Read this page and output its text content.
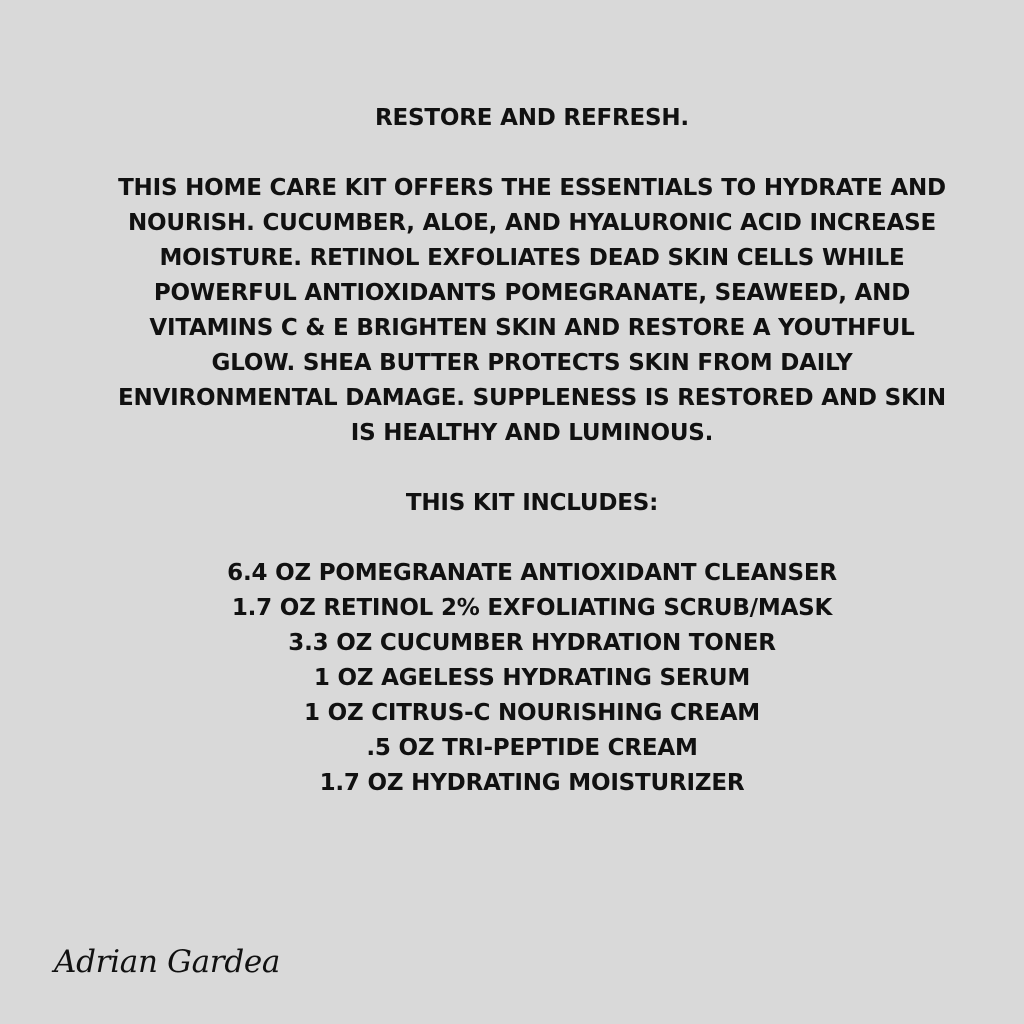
RESTORE AND REFRESH.

THIS HOME CARE KIT OFFERS THE ESSENTIALS TO HYDRATE AND NOURISH. CUCUMBER, ALOE, AND HYALURONIC ACID INCREASE MOISTURE. RETINOL EXFOLIATES DEAD SKIN CELLS WHILE POWERFUL ANTIOXIDANTS POMEGRANATE, SEAWEED, AND VITAMINS C & E BRIGHTEN SKIN AND RESTORE A YOUTHFUL GLOW. SHEA BUTTER PROTECTS SKIN FROM DAILY ENVIRONMENTAL DAMAGE. SUPPLENESS IS RESTORED AND SKIN IS HEALTHY AND LUMINOUS.

THIS KIT INCLUDES:

6.4 OZ POMEGRANATE ANTIOXIDANT CLEANSER
1.7 OZ RETINOL 2% EXFOLIATING SCRUB/MASK
3.3 OZ CUCUMBER HYDRATION TONER
1 OZ AGELESS HYDRATING SERUM
1 OZ CITRUS-C NOURISHING CREAM
.5 OZ TRI-PEPTIDE CREAM
1.7 OZ HYDRATING MOISTURIZER
Adrian Gardea
